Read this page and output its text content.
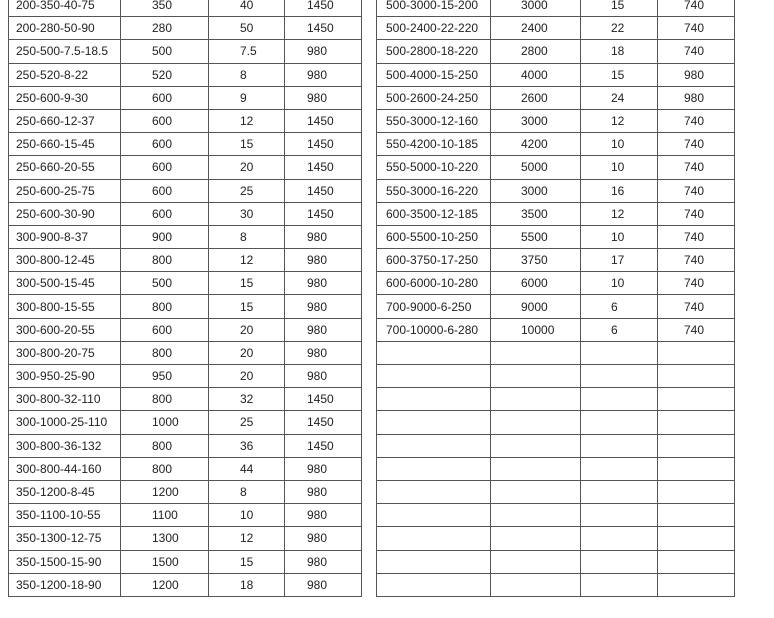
200-350-40-75	350	40	1450
200-280-50-90	280	50	1450
250-500-7.5-18.5	500	7.5	980
250-520-8-22	520	8	980
250-600-9-30	600	9	980
250-660-12-37	600	12	1450
250-660-15-45	600	15	1450
250-660-20-55	600	20	1450
250-600-25-75	600	25	1450
250-600-30-90	600	30	1450
300-900-8-37	900	8	980
300-800-12-45	800	12	980
300-500-15-45	500	15	980
300-800-15-55	800	15	980
300-600-20-55	600	20	980
300-800-20-75	800	20	980
300-950-25-90	950	20	980
300-800-32-110	800	32	1450
300-1000-25-110	1000	25	1450
300-800-36-132	800	36	1450
300-800-44-160	800	44	980
350-1200-8-45	1200	8	980
350-1100-10-55	1100	10	980
350-1300-12-75	1300	12	980
350-1500-15-90	1500	15	980
350-1200-18-90	1200	18	980
500-3000-15-200	3000	15	740
500-2400-22-220	2400	22	740
500-2800-18-220	2800	18	740
500-4000-15-250	4000	15	980
500-2600-24-250	2600	24	980
550-3000-12-160	3000	12	740
550-4200-10-185	4200	10	740
550-5000-10-220	5000	10	740
550-3000-16-220	3000	16	740
600-3500-12-185	3500	12	740
600-5500-10-250	5500	10	740
600-3750-17-250	3750	17	740
600-6000-10-280	6000	10	740
700-9000-6-250	9000	6	740
700-10000-6-280	10000	6	740
